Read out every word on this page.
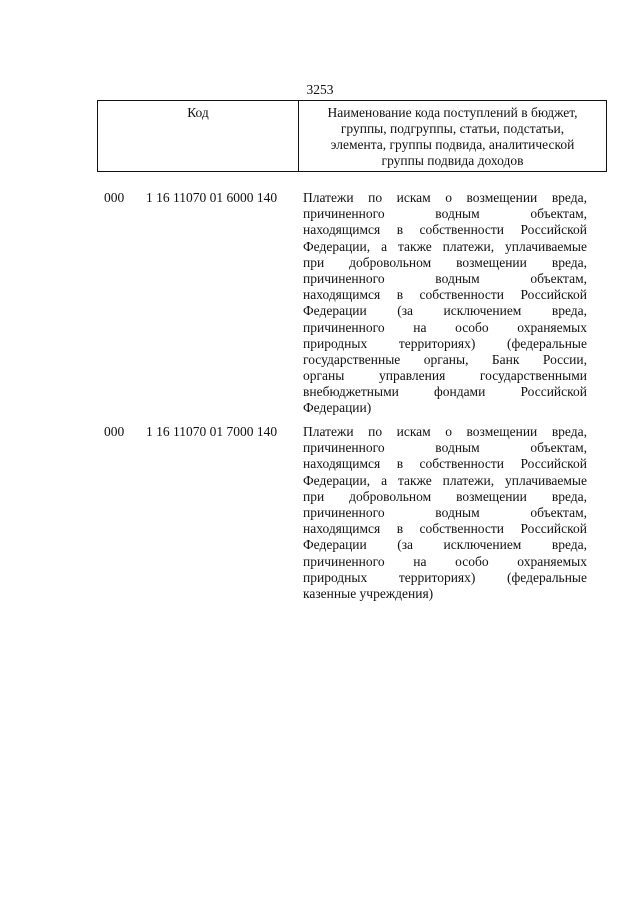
3253
Код	Наименование кода поступлений в бюджет,
группы, подгруппы, статьи, подстатьи,
элемента, группы подвида, аналитической
группы подвида доходов
000 1 16 11070 01 6000 140 Платежи по искам о возмещении вреда,
причиненного водным объектам,
находящимся в собственности Российской
Федерации, а также платежи, уплачиваемые
при добровольном возмещении вреда,
причиненного водным объектам,
находящимся в собственности Российской
Федерации (за исключением вреда,
причиненного на особо охраняемых
природных территориях) (федеральные
государственные органы, Банк России,
органы управления государственными
внебюджетными фондами Российской
Федерации)
000 1 16 11070 01 7000 140 Платежи по искам о возмещении вреда,
причиненного водным объектам,
находящимся в собственности Российской
Федерации, а также платежи, уплачиваемые
при добровольном возмещении вреда,
причиненного водным объектам,
находящимся в собственности Российской
Федерации (за исключением вреда,
причиненного на особо охраняемых
природных территориях) (федеральные
казенные учреждения)
